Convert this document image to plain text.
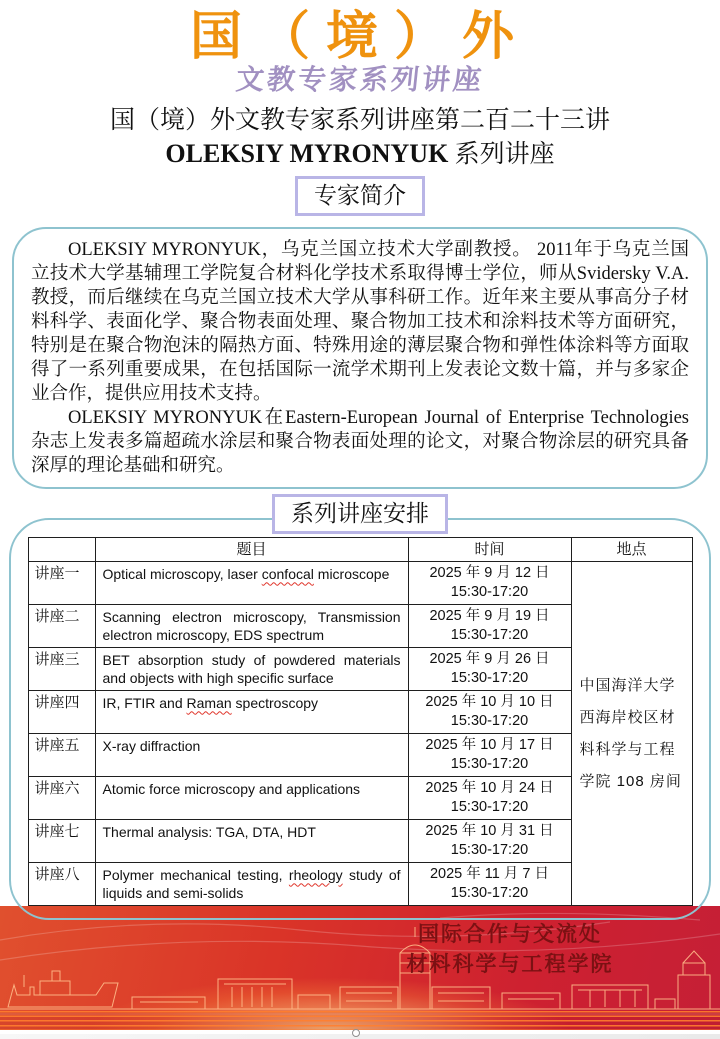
国（境）外
文教专家系列讲座
国（境）外文教专家系列讲座第二百二十三讲
OLEKSIY MYRONYUK 系列讲座
专家简介

OLEKSIY MYRONYUK，乌克兰国立技术大学副教授。 2011年于乌克兰国立技术大学基辅理工学院复合材料化学技术系取得博士学位，师从Svidersky V.A.教授，而后继续在乌克兰国立技术大学从事科研工作。近年来主要从事高分子材料科学、表面化学、聚合物表面处理、聚合物加工技术和涂料技术等方面研究，特别是在聚合物泡沫的隔热方面、特殊用途的薄层聚合物和弹性体涂料等方面取得了一系列重要成果，在包括国际一流学术期刊上发表论文数十篇，并与多家企业合作，提供应用技术支持。

OLEKSIY MYRONYUK在Eastern-European Journal of Enterprise Technologies杂志上发表多篇超疏水涂层和聚合物表面处理的论文，对聚合物涂层的研究具备深厚的理论基础和研究。

系列讲座安排
	题目	时间	地点
讲座一	Optical microscopy, laser confocal microscope	2025 年 9 月 12 日
15:30-17:20	中国海洋大学西海岸校区材料科学与工程学院 108 房间
讲座二	Scanning electron microscopy, Transmission electron microscopy, EDS spectrum	2025 年 9 月 19 日
15:30-17:20	

讲座三	BET absorption study of powdered materials and objects with high specific surface	2025 年 9 月 26 日
15:30-17:20	

讲座四	IR, FTIR and Raman spectroscopy	2025 年 10 月 10 日
15:30-17:20	

讲座五	X-ray diffraction	2025 年 10 月 17 日
15:30-17:20	

讲座六	Atomic force microscopy and applications	2025 年 10 月 24 日
15:30-17:20	

讲座七	Thermal analysis: TGA, DTA, HDT	2025 年 10 月 31 日
15:30-17:20	

讲座八	Polymer mechanical testing, rheology study of liquids and semi-solids	2025 年 11 月 7 日
15:30-17:20	
国际合作与交流处
材料科学与工程学院
